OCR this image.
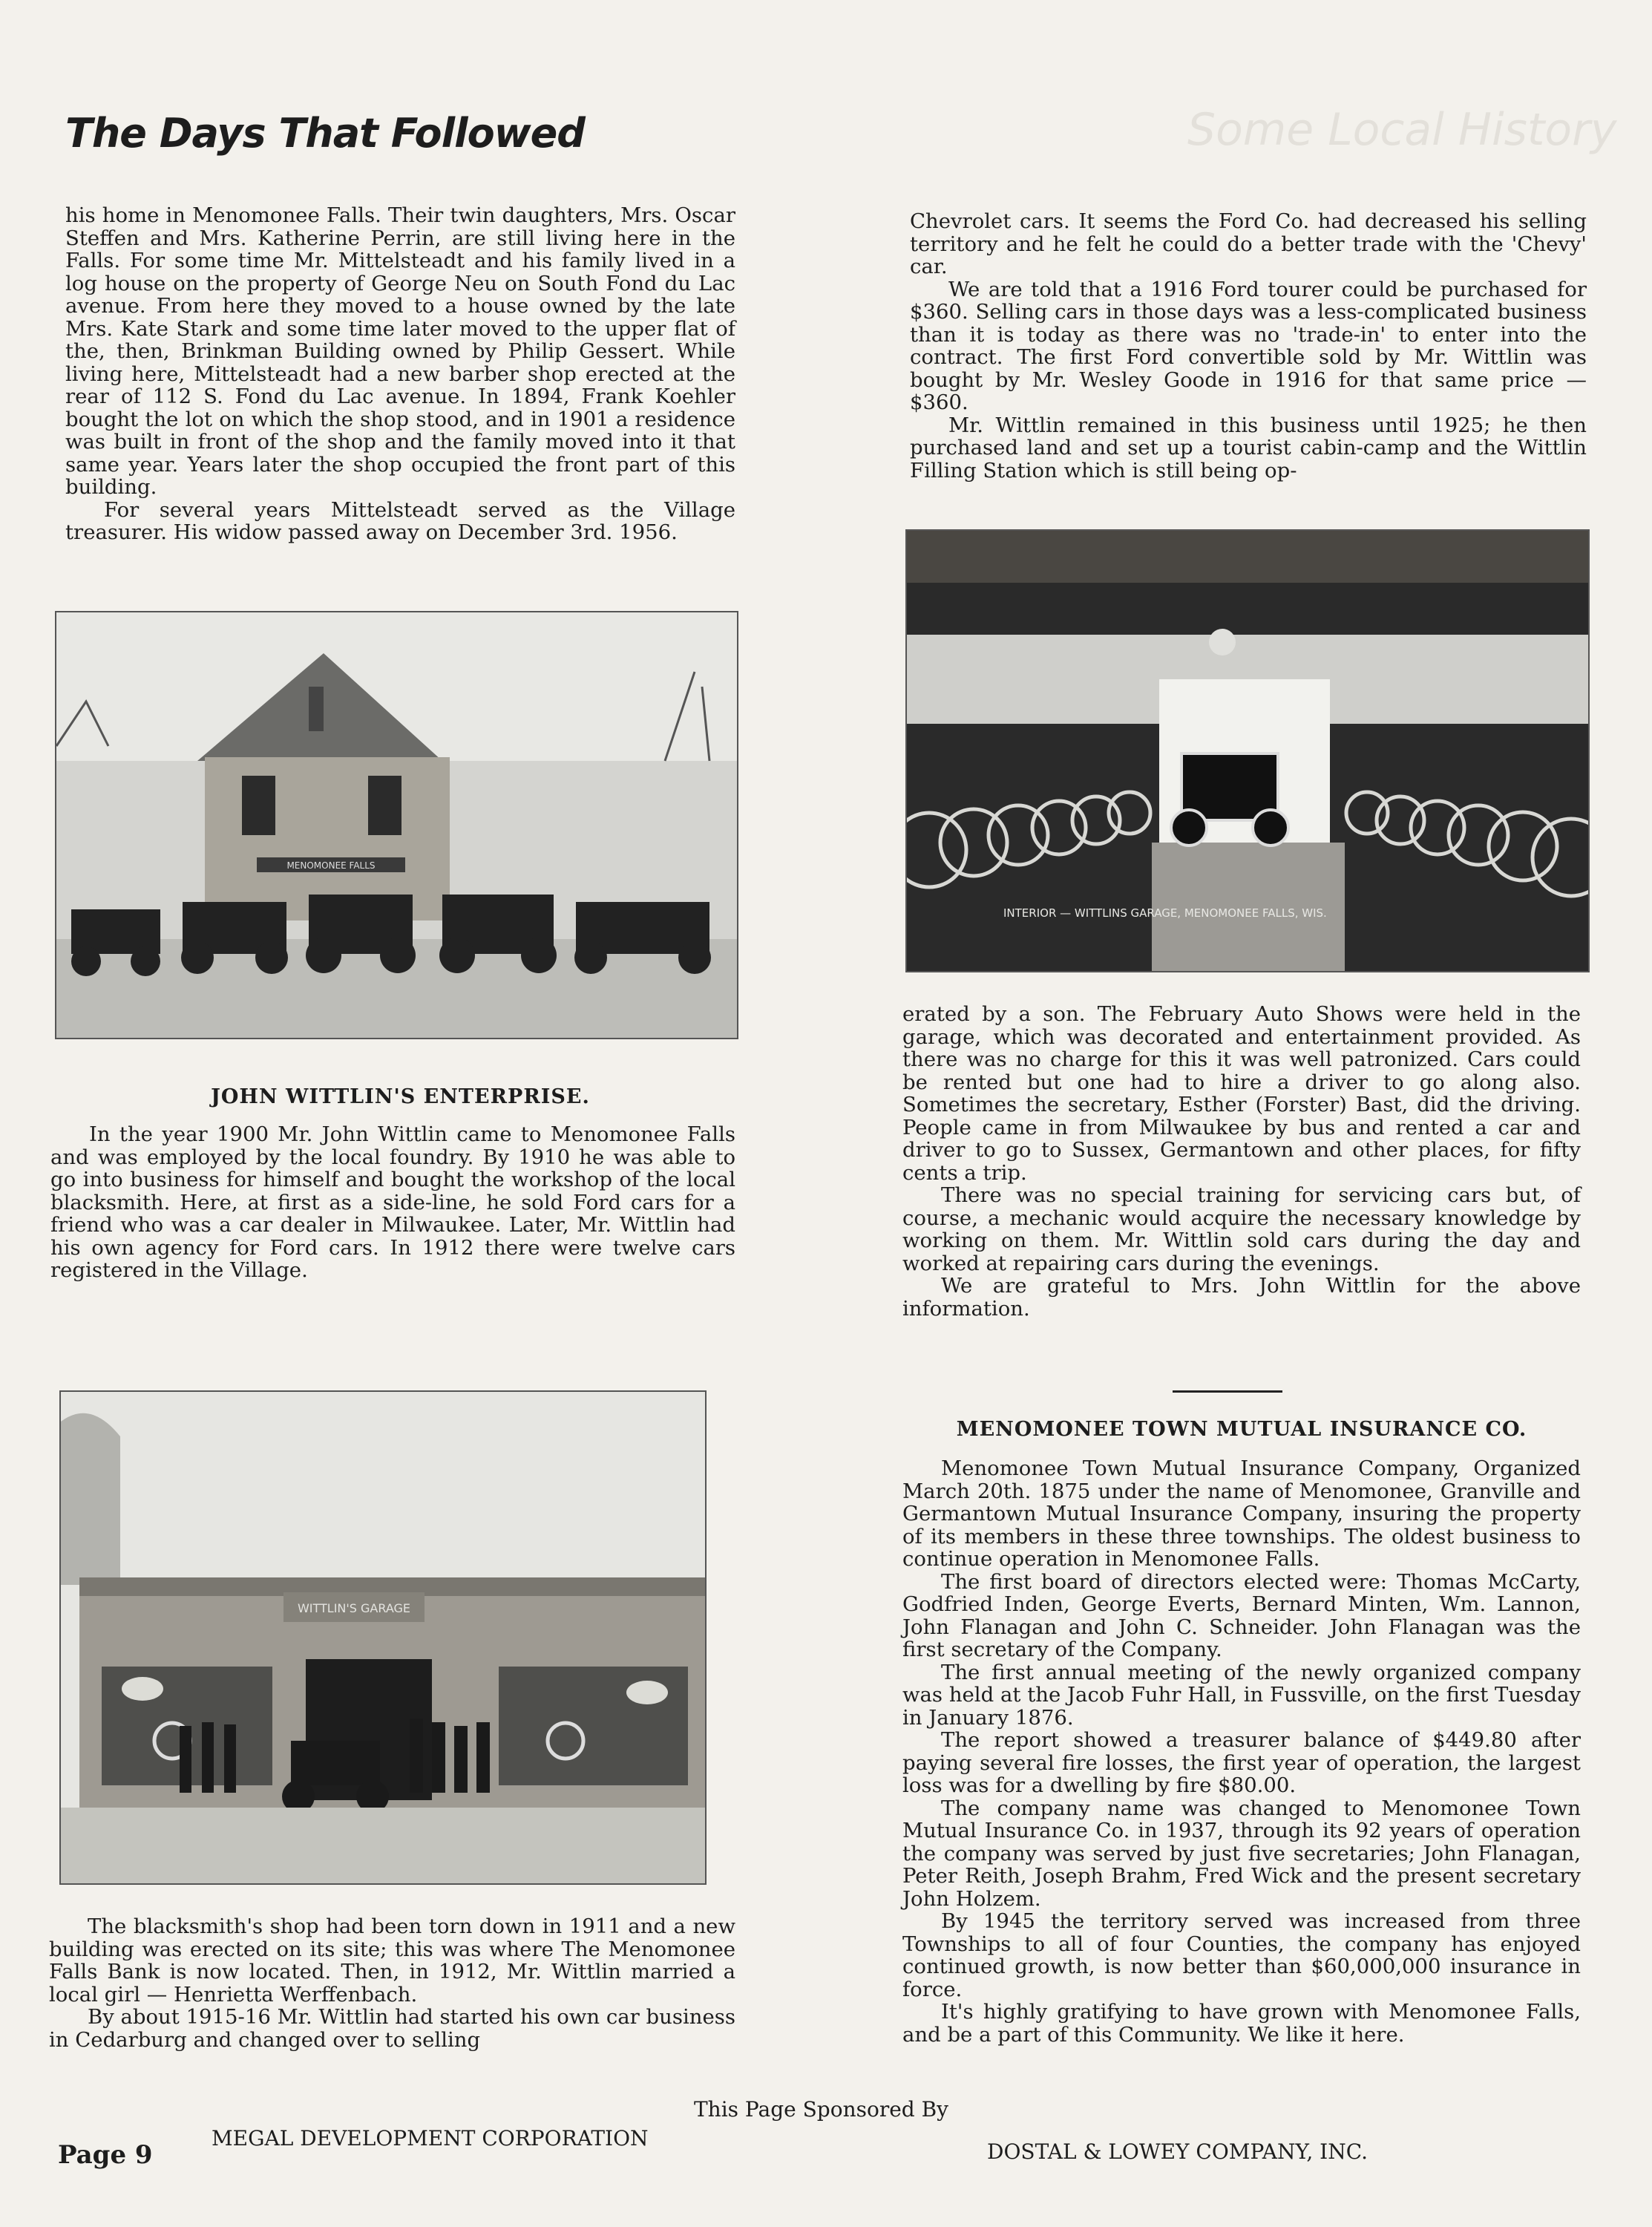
Some Local History
The Days That Followed

his home in Menomonee Falls. Their twin daughters, Mrs. Oscar Steffen and Mrs. Katherine Perrin, are still living here in the Falls. For some time Mr. Mittelsteadt and his family lived in a log house on the property of George Neu on South Fond du Lac avenue. From here they moved to a house owned by the late Mrs. Kate Stark and some time later moved to the upper flat of the, then, Brinkman Building owned by Philip Gessert. While living here, Mittelsteadt had a new barber shop erected at the rear of 112 S. Fond du Lac avenue. In 1894, Frank Koehler bought the lot on which the shop stood, and in 1901 a residence was built in front of the shop and the family moved into it that same year. Years later the shop occupied the front part of this building.

For several years Mittelsteadt served as the Village treasurer. His widow passed away on December 3rd. 1956.

MENOMONEE FALLS
JOHN WITTLIN'S ENTERPRISE.

In the year 1900 Mr. John Wittlin came to Menomonee Falls and was employed by the local foundry. By 1910 he was able to go into business for himself and bought the workshop of the local blacksmith. Here, at first as a side-line, he sold Ford cars for a friend who was a car dealer in Milwaukee. Later, Mr. Wittlin had his own agency for Ford cars. In 1912 there were twelve cars registered in the Village.

WITTLIN'S GARAGE

The blacksmith's shop had been torn down in 1911 and a new building was erected on its site; this was where The Menomonee Falls Bank is now located. Then, in 1912, Mr. Wittlin married a local girl — Henrietta Werffenbach.

By about 1915-16 Mr. Wittlin had started his own car business in Cedarburg and changed over to selling

Chevrolet cars. It seems the Ford Co. had decreased his selling territory and he felt he could do a better trade with the 'Chevy' car.

We are told that a 1916 Ford tourer could be purchased for $360. Selling cars in those days was a less-complicated business than it is today as there was no 'trade-in' to enter into the contract. The first Ford convertible sold by Mr. Wittlin was bought by Mr. Wesley Goode in 1916 for that same price — $360.

Mr. Wittlin remained in this business until 1925; he then purchased land and set up a tourist cabin-camp and the Wittlin Filling Station which is still being op-

INTERIOR — WITTLINS GARAGE, MENOMONEE FALLS, WIS.

erated by a son. The February Auto Shows were held in the garage, which was decorated and entertainment provided. As there was no charge for this it was well patronized. Cars could be rented but one had to hire a driver to go along also. Sometimes the secretary, Esther (Forster) Bast, did the driving. People came in from Milwaukee by bus and rented a car and driver to go to Sussex, Germantown and other places, for fifty cents a trip.

There was no special training for servicing cars but, of course, a mechanic would acquire the necessary knowledge by working on them. Mr. Wittlin sold cars during the day and worked at repairing cars during the evenings.

We are grateful to Mrs. John Wittlin for the above information.

MENOMONEE TOWN MUTUAL INSURANCE CO.

Menomonee Town Mutual Insurance Company, Organized March 20th. 1875 under the name of Menomonee, Granville and Germantown Mutual Insurance Company, insuring the property of its members in these three townships. The oldest business to continue operation in Menomonee Falls.

The first board of directors elected were: Thomas McCarty, Godfried Inden, George Everts, Bernard Minten, Wm. Lannon, John Flanagan and John C. Schneider. John Flanagan was the first secretary of the Company.

The first annual meeting of the newly organized company was held at the Jacob Fuhr Hall, in Fussville, on the first Tuesday in January 1876.

The report showed a treasurer balance of $449.80 after paying several fire losses, the first year of operation, the largest loss was for a dwelling by fire $80.00.

The company name was changed to Menomonee Town Mutual Insurance Co. in 1937, through its 92 years of operation the company was served by just five secretaries; John Flanagan, Peter Reith, Joseph Brahm, Fred Wick and the present secretary John Holzem.

By 1945 the territory served was increased from three Townships to all of four Counties, the company has enjoyed continued growth, is now better than $60,000,000 insurance in force.

It's highly gratifying to have grown with Menomonee Falls, and be a part of this Community. We like it here.

This Page Sponsored By
MEGAL DEVELOPMENT CORPORATION
DOSTAL & LOWEY COMPANY, INC.
Page 9
